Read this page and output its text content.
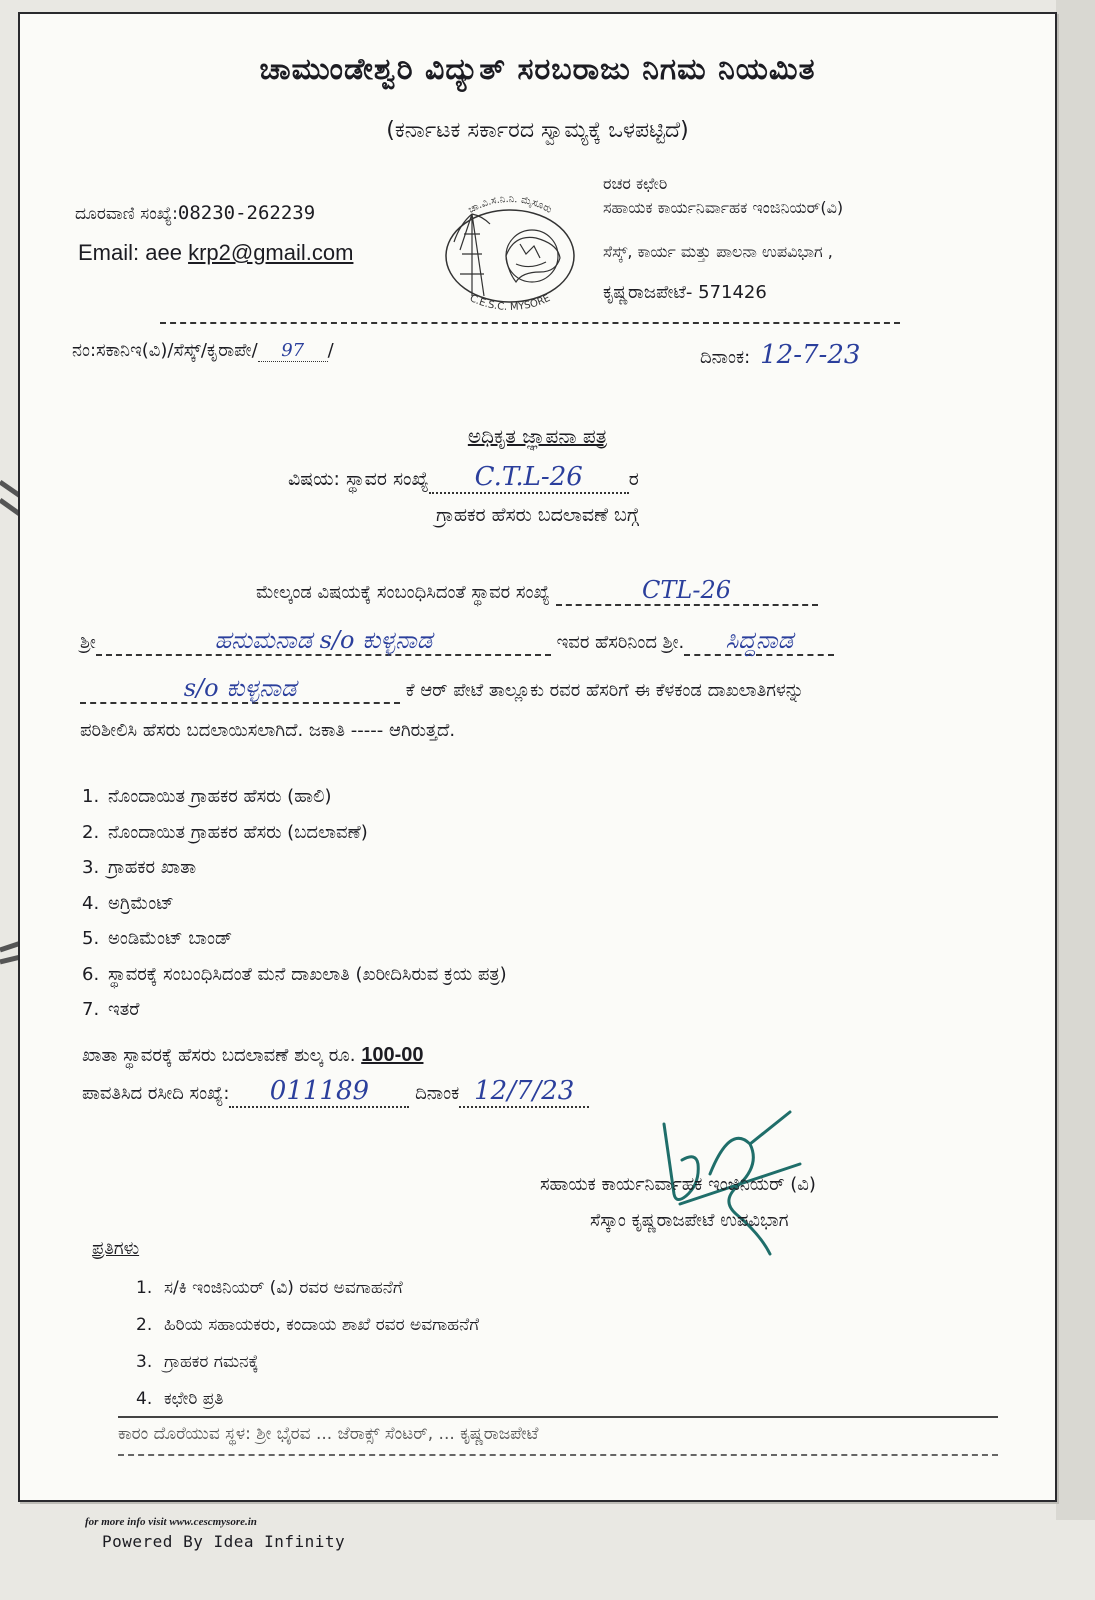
ಚಾಮುಂಡೇಶ್ವರಿ ವಿದ್ಯುತ್ ಸರಬರಾಜು ನಿಗಮ ನಿಯಮಿತ
(ಕರ್ನಾಟಕ ಸರ್ಕಾರದ ಸ್ವಾಮ್ಯಕ್ಕೆ ಒಳಪಟ್ಟಿದೆ)
ದೂರವಾಣಿ ಸಂಖ್ಯೆ:08230-262239
Email: aee krp2@gmail.com
ಚಾ.ವಿ.ಸ.ನಿ.ನಿ. ಮೈಸೂರು
C.E.S.C. MYSORE
ರಚರ ಕಛೇರಿ
ಸಹಾಯಕ ಕಾರ್ಯನಿರ್ವಾಹಕ ಇಂಜಿನಿಯರ್(ವಿ)
ಸೆಸ್ಕ್, ಕಾರ್ಯ ಮತ್ತು ಪಾಲನಾ ಉಪವಿಭಾಗ ,
ಕೃಷ್ಣರಾಜಪೇಟೆ- 571426
ನಂ:ಸಕಾನಿಇ(ವಿ)/ಸೆಸ್ಕ್/ಕೃರಾಪೇ/ 97 /	ದಿನಾಂಕ: 12-7-23
ಅಧಿಕೃತ ಜ್ಞಾಪನಾ ಪತ್ರ
ವಿಷಯ: ಸ್ಥಾವರ ಸಂಖ್ಯೆ C.T.L-26 ರ
ಗ್ರಾಹಕರ ಹೆಸರು ಬದಲಾವಣೆ ಬಗ್ಗೆ
ಮೇಲ್ಕಂಡ ವಿಷಯಕ್ಕೆ ಸಂಬಂಧಿಸಿದಂತೆ ಸ್ಥಾವರ ಸಂಖ್ಯೆ	CTL-26
ಶ್ರೀ	ಹನುಮನಾಡ s/o ಕುಳ್ಳನಾಡ	ಇವರ ಹೆಸರಿನಿಂದ ಶ್ರೀ. ಸಿದ್ದನಾಡ
s/o ಕುಳ್ಳನಾಡ	ಕೆ ಆರ್ ಪೇಟೆ ತಾಲ್ಲೂಕು ರವರ ಹೆಸರಿಗೆ ಈ ಕೆಳಕಂಡ ದಾಖಲಾತಿಗಳನ್ನು
ಪರಿಶೀಲಿಸಿ ಹೆಸರು ಬದಲಾಯಿಸಲಾಗಿದೆ. ಜಕಾತಿ ----- ಆಗಿರುತ್ತದೆ.
1. ನೊಂದಾಯಿತ ಗ್ರಾಹಕರ ಹೆಸರು (ಹಾಲಿ)
2. ನೊಂದಾಯಿತ ಗ್ರಾಹಕರ ಹೆಸರು (ಬದಲಾವಣೆ)
3. ಗ್ರಾಹಕರ ಖಾತಾ
4. ಅಗ್ರಿಮೆಂಟ್
5. ಅಂಡಿಮೆಂಟ್ ಬಾಂಡ್
6. ಸ್ಥಾವರಕ್ಕೆ ಸಂಬಂಧಿಸಿದಂತೆ ಮನೆ ದಾಖಲಾತಿ (ಖರೀದಿಸಿರುವ ಕ್ರಯ ಪತ್ರ)
7. ಇತರೆ
ಖಾತಾ ಸ್ಥಾವರಕ್ಕೆ ಹೆಸರು ಬದಲಾವಣೆ ಶುಲ್ಕ ರೂ. 100-00
ಪಾವತಿಸಿದ ರಸೀದಿ ಸಂಖ್ಯೆ: 011189	ದಿನಾಂಕ 12/7/23
ಸಹಾಯಕ ಕಾರ್ಯನಿರ್ವಾಹಕ ಇಂಜಿನಿಯರ್ (ವಿ)
ಸೆಸ್ಕಾಂ ಕೃಷ್ಣರಾಜಪೇಟೆ ಉಪವಿಭಾಗ
ಪ್ರತಿಗಳು
1. ಸ/ಕಿ ಇಂಜಿನಿಯರ್ (ವಿ) ರವರ ಅವಗಾಹನೆಗೆ
2. ಹಿರಿಯ ಸಹಾಯಕರು, ಕಂದಾಯ ಶಾಖೆ ರವರ ಅವಗಾಹನೆಗೆ
3. ಗ್ರಾಹಕರ ಗಮನಕ್ಕೆ
4. ಕಛೇರಿ ಪ್ರತಿ
ಕಾರಂ ದೊರೆಯುವ ಸ್ಥಳ: ಶ್ರೀ ಭೈರವ ... ಜೆರಾಕ್ಸ್ ಸೆಂಟರ್, ... ಕೃಷ್ಣರಾಜಪೇಟೆ
for more info visit www.cescmysore.in
Powered By Idea Infinity
